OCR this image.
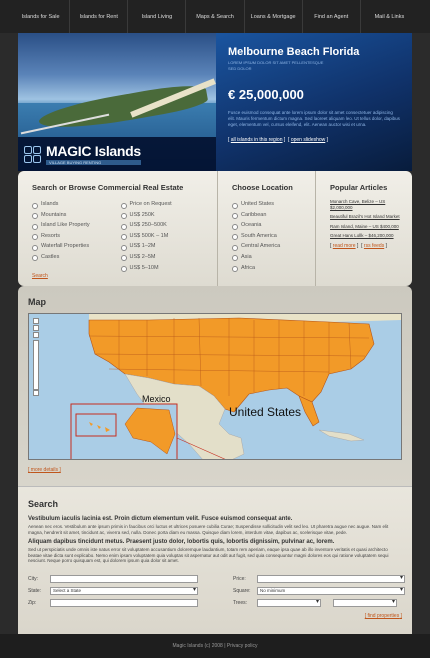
Islands for Sale	Islands for Rent	Island Living	Maps & Search	Loans & Mortgage	Find an Agent	Mail & Links
MAGIC Islands
VILLAGE BUYING RENTING
Melbourne Beach Florida
LOREM IPSUM DOLOR SIT AMET PELLENTESQUE
SED DOLOR
€ 25,000,000
Fusce euismod consequat ante lorem ipsum dolor sit amet consectetuer adipiscing elit. Mauris fermentum dictum magna. Sed laoreet aliquam leo. Ut tellus dolor, dapibus eget, elementum vel, cursus eleifend, elit. Aenean auctor wisi et urna.
[ all islands in this region ]  [ open slideshow ]
Search or Browse Commercial Real Estate
Islands
Mountains
Island Like Property
Resorts
Waterfall Properties
Castles
Price on Request
US$ 250K
US$ 250–500K
US$ 500K – 1M
US$ 1–2M
US$ 2–5M
US$ 5–10M
Search
Choose Location
United States
Caribbean
Oceania
South America
Central America
Asia
Africa
Popular Articles
Monarch Cave, Belize – US $2,000,000
Beautiful Brazil's Hot Island Market
Ram Island, Maine – US $400,000
Great Hans Lollk – $46,200,000
[ read more ]  [ rss feeds ]
Map
Mexico
United States
[ more details ]
Search
Vestibulum iaculis lacinia est. Proin dictum elementum velit. Fusce euismod consequat ante.
Aenean nec eros. Vestibulum ante ipsum primis in faucibus orci luctus et ultrices posuere cubilia Curae; Suspendisse sollicitudin velit sed leo. Ut pharetra augue nec augue. Nam elit magna, hendrerit sit amet, tincidunt ac, viverra sed, nulla. Donec porta diam eu massa. Quisque diam lorem, interdum vitae, dapibus ac, scelerisque vitae, pede.
Aliquam dapibus tincidunt metus. Praesent justo dolor, lobortis quis, lobortis dignissim, pulvinar ac, lorem.
Sed ut perspiciatis unde omnis iste natus error sit voluptatem accusantium doloremque laudantium, totam rem aperiam, eaque ipsa quae ab illo inventore veritatis et quasi architecto beatae vitae dicta sunt explicabo. Nemo enim ipsam voluptatem quia voluptas sit aspernatur aut odit aut fugit, sed quia consequuntur magni dolores eos qui ratione voluptatem sequi nesciunt. Neque porro quisquam est, qui dolorem ipsum quia dolor sit amet.
City:
State:	Select a State ▾
Zip:
Price:
▾
Square:	No minimum ▾
Trees:
▾
▾
[ find properties ]
Magic Islands (c) 2008 | Privacy policy
